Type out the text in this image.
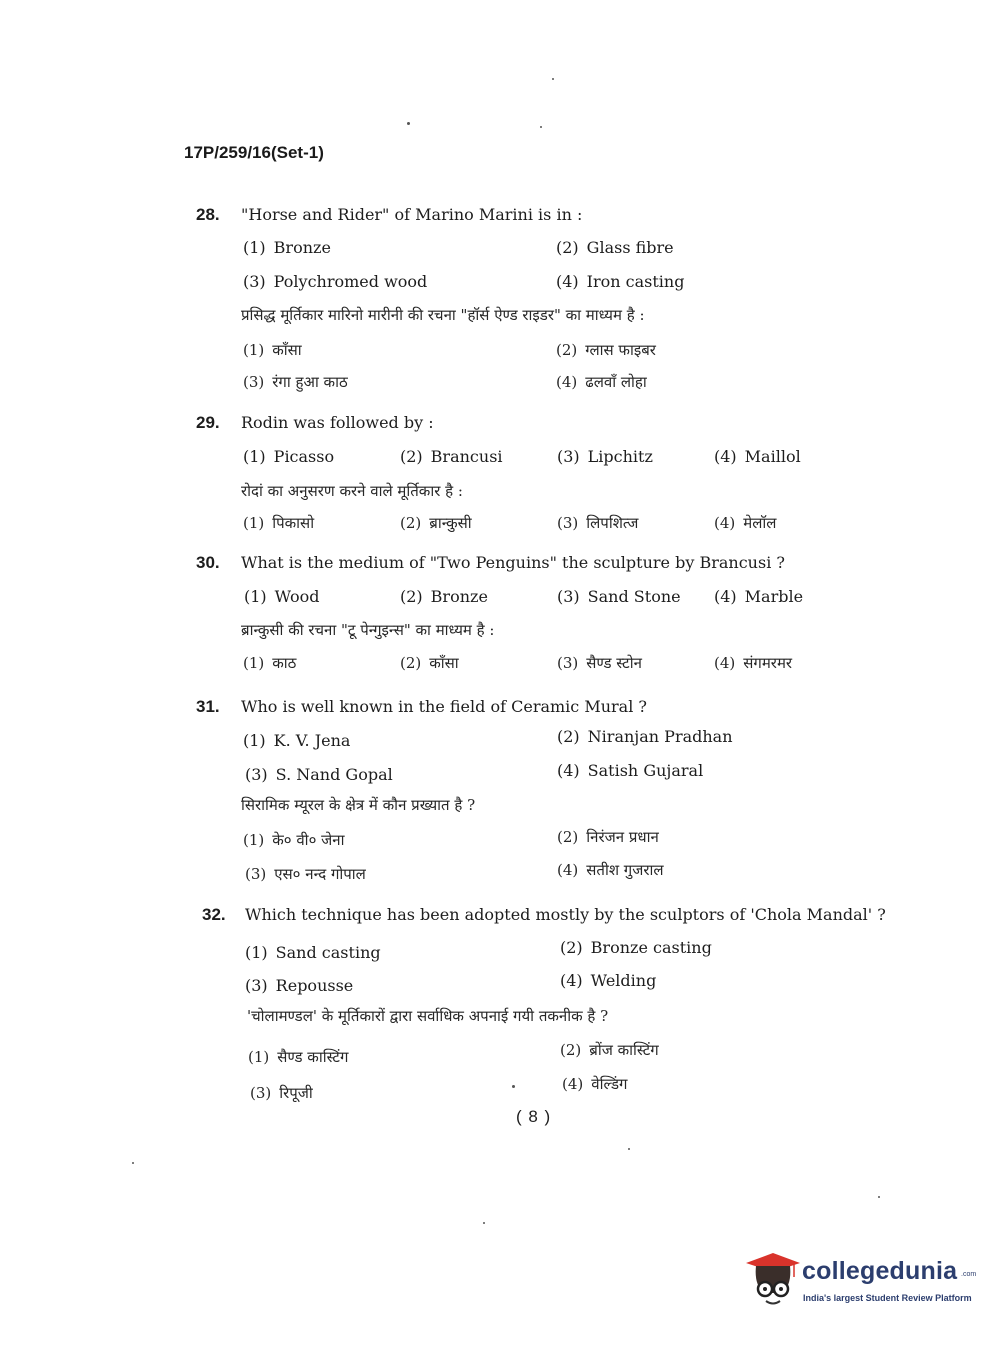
17P/259/16(Set-1)
28. "Horse and Rider" of Marino Marini is in :
(1) Bronze	(2) Glass fibre
(3) Polychromed wood	(4) Iron casting
प्रसिद्ध मूर्तिकार मारिनो मारीनी की रचना "हॉर्स ऐण्ड राइडर" का माध्यम है :
(1) काँसा	(2) ग्लास फाइबर
(3) रंगा हुआ काठ	(4) ढलवाँ लोहा
29. Rodin was followed by :
(1) Picasso	(2) Brancusi	(3) Lipchitz	(4) Maillol
रोदां का अनुसरण करने वाले मूर्तिकार है :
(1) पिकासो	(2) ब्रान्कुसी	(3) लिपशित्ज	(4) मेलॉल
30. What is the medium of "Two Penguins" the sculpture by Brancusi ?
(1) Wood	(2) Bronze	(3) Sand Stone (4) Marble
ब्रान्कुसी की रचना "टू पेन्गुइन्स" का माध्यम है :
(1) काठ	(2) काँसा	(3) सैण्ड स्टोन	(4) संगमरमर
31. Who is well known in the field of Ceramic Mural ?
(1) K. V. Jena	(2) Niranjan Pradhan
(3) S. Nand Gopal	(4) Satish Gujaral
सिरामिक म्यूरल के क्षेत्र में कौन प्रख्यात है ?
(1) के० वी० जेना	(2) निरंजन प्रधान
(3) एस० नन्द गोपाल	(4) सतीश गुजराल
32. Which technique has been adopted mostly by the sculptors of 'Chola Mandal' ?
(1) Sand casting	(2) Bronze casting
(3) Repousse	(4) Welding
'चोलामण्डल' के मूर्तिकारों द्वारा सर्वाधिक अपनाई गयी तकनीक है ?
(1) सैण्ड कास्टिंग	(2) ब्रोंज कास्टिंग
(3) रिपूजी	(4) वेल्डिंग
( 8 )
collegedunia .com
India's largest Student Review Platform
